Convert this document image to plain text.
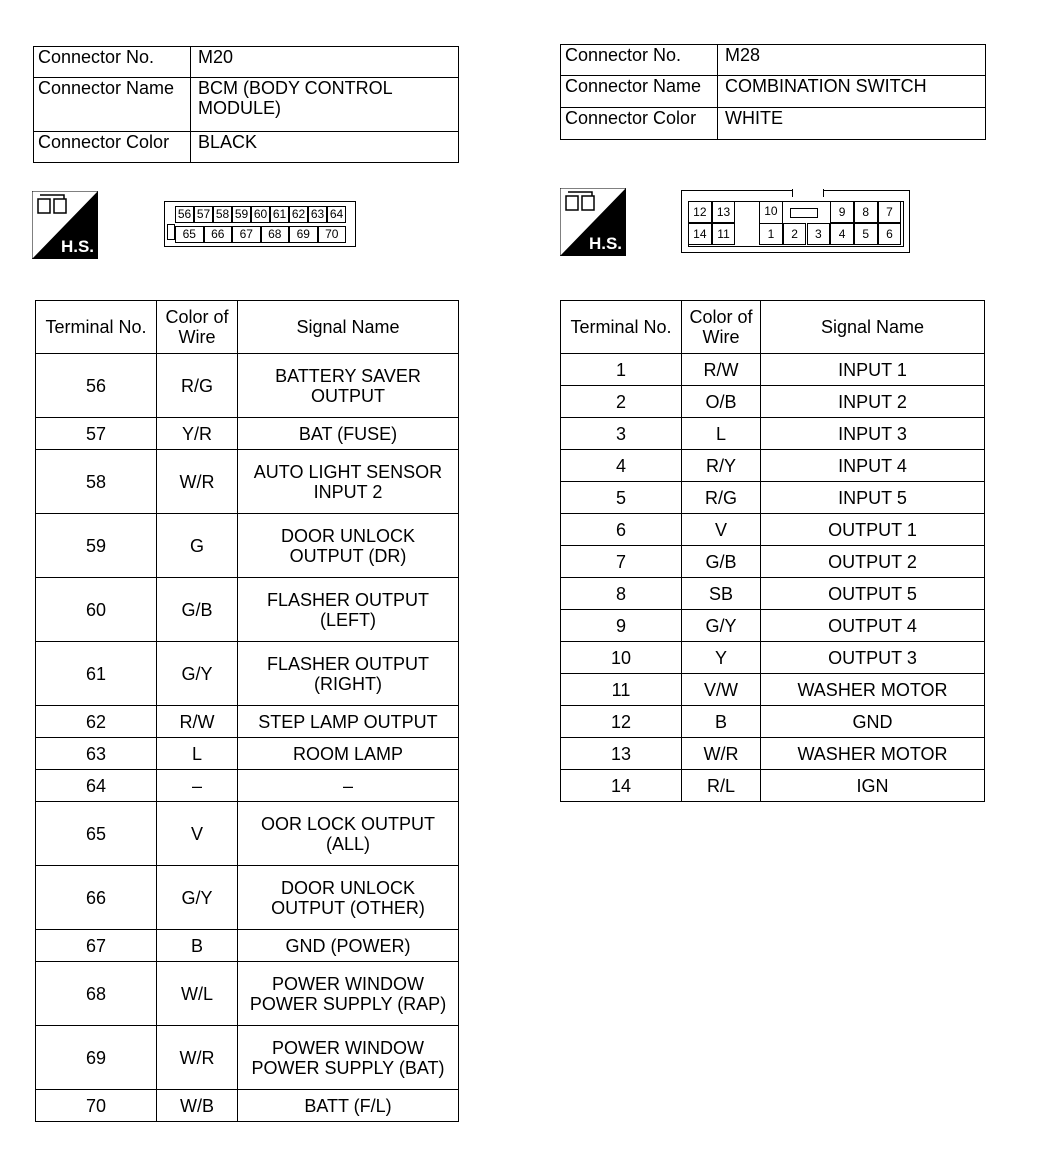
Connector No.	M20
Connector Name	BCM (BODY CONTROL MODULE)
Connector Color	BLACK
Connector No.	M28
Connector Name	COMBINATION SWITCH
Connector Color	WHITE
H.S.	H.S.
56 57 58 59 60 61 62 63 64
65	66	67	68	69	70
12 13	10	9	8	7
14 11	1	2	3	4	5	6
Terminal No.	Color of Wire	Signal Name
56	R/G	BATTERY SAVER OUTPUT
57	Y/R	BAT (FUSE)
58	W/R	AUTO LIGHT SENSOR INPUT 2
59	G	DOOR UNLOCK OUTPUT (DR)
60	G/B	FLASHER OUTPUT (LEFT)
61	G/Y	FLASHER OUTPUT (RIGHT)
62	R/W	STEP LAMP OUTPUT
63	L	ROOM LAMP
64	–	–
65	V	OOR LOCK OUTPUT (ALL)
66	G/Y	DOOR UNLOCK OUTPUT (OTHER)
67	B	GND (POWER)
68	W/L	POWER WINDOW POWER SUPPLY (RAP)
69	W/R	POWER WINDOW POWER SUPPLY (BAT)
70	W/B	BATT (F/L)
Terminal No.	Color of Wire	Signal Name
1	R/W	INPUT 1
2	O/B	INPUT 2
3	L	INPUT 3
4	R/Y	INPUT 4
5	R/G	INPUT 5
6	V	OUTPUT 1
7	G/B	OUTPUT 2
8	SB	OUTPUT 5
9	G/Y	OUTPUT 4
10	Y	OUTPUT 3
11	V/W	WASHER MOTOR
12	B	GND
13	W/R	WASHER MOTOR
14	R/L	IGN
